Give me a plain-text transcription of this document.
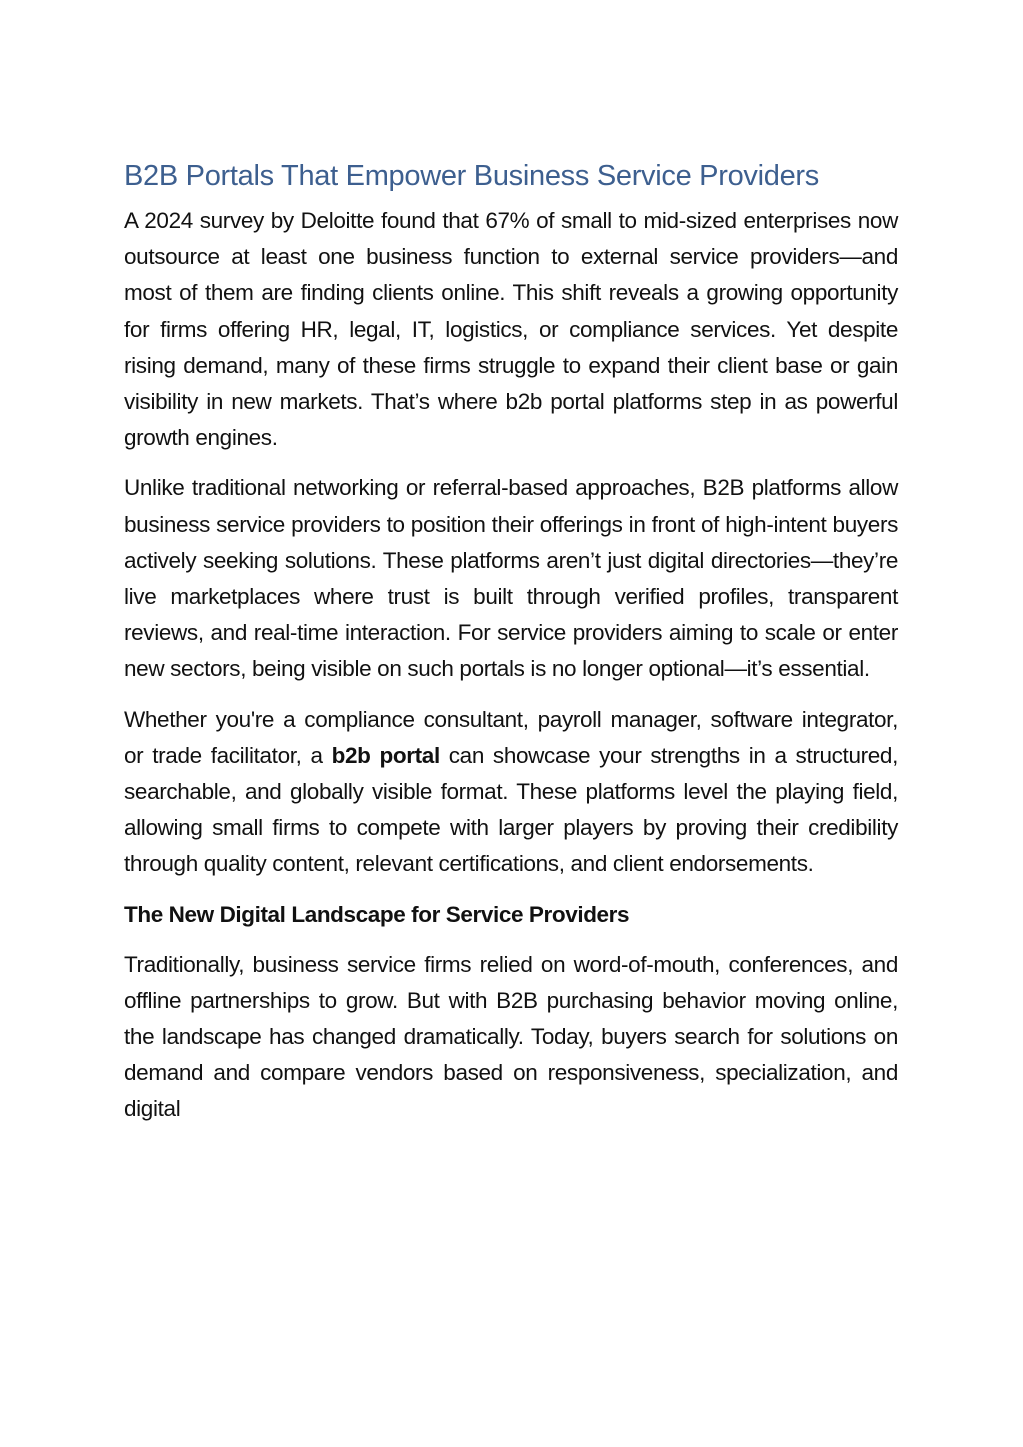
B2B Portals That Empower Business Service Providers

A 2024 survey by Deloitte found that 67% of small to mid-sized enterprises now outsource at least one business function to external service providers—and most of them are finding clients online. This shift reveals a growing opportunity for firms offering HR, legal, IT, logistics, or compliance services. Yet despite rising demand, many of these firms struggle to expand their client base or gain visibility in new markets. That’s where b2b portal platforms step in as powerful growth engines.

Unlike traditional networking or referral-based approaches, B2B platforms allow business service providers to position their offerings in front of high-intent buyers actively seeking solutions. These platforms aren’t just digital directories—they’re live marketplaces where trust is built through verified profiles, transparent reviews, and real-time interaction. For service providers aiming to scale or enter new sectors, being visible on such portals is no longer optional—it’s essential.

Whether you're a compliance consultant, payroll manager, software integrator, or trade facilitator, a b2b portal can showcase your strengths in a structured, searchable, and globally visible format. These platforms level the playing field, allowing small firms to compete with larger players by proving their credibility through quality content, relevant certifications, and client endorsements.

The New Digital Landscape for Service Providers

Traditionally, business service firms relied on word-of-mouth, conferences, and offline partnerships to grow. But with B2B purchasing behavior moving online, the landscape has changed dramatically. Today, buyers search for solutions on demand and compare vendors based on responsiveness, specialization, and digital
